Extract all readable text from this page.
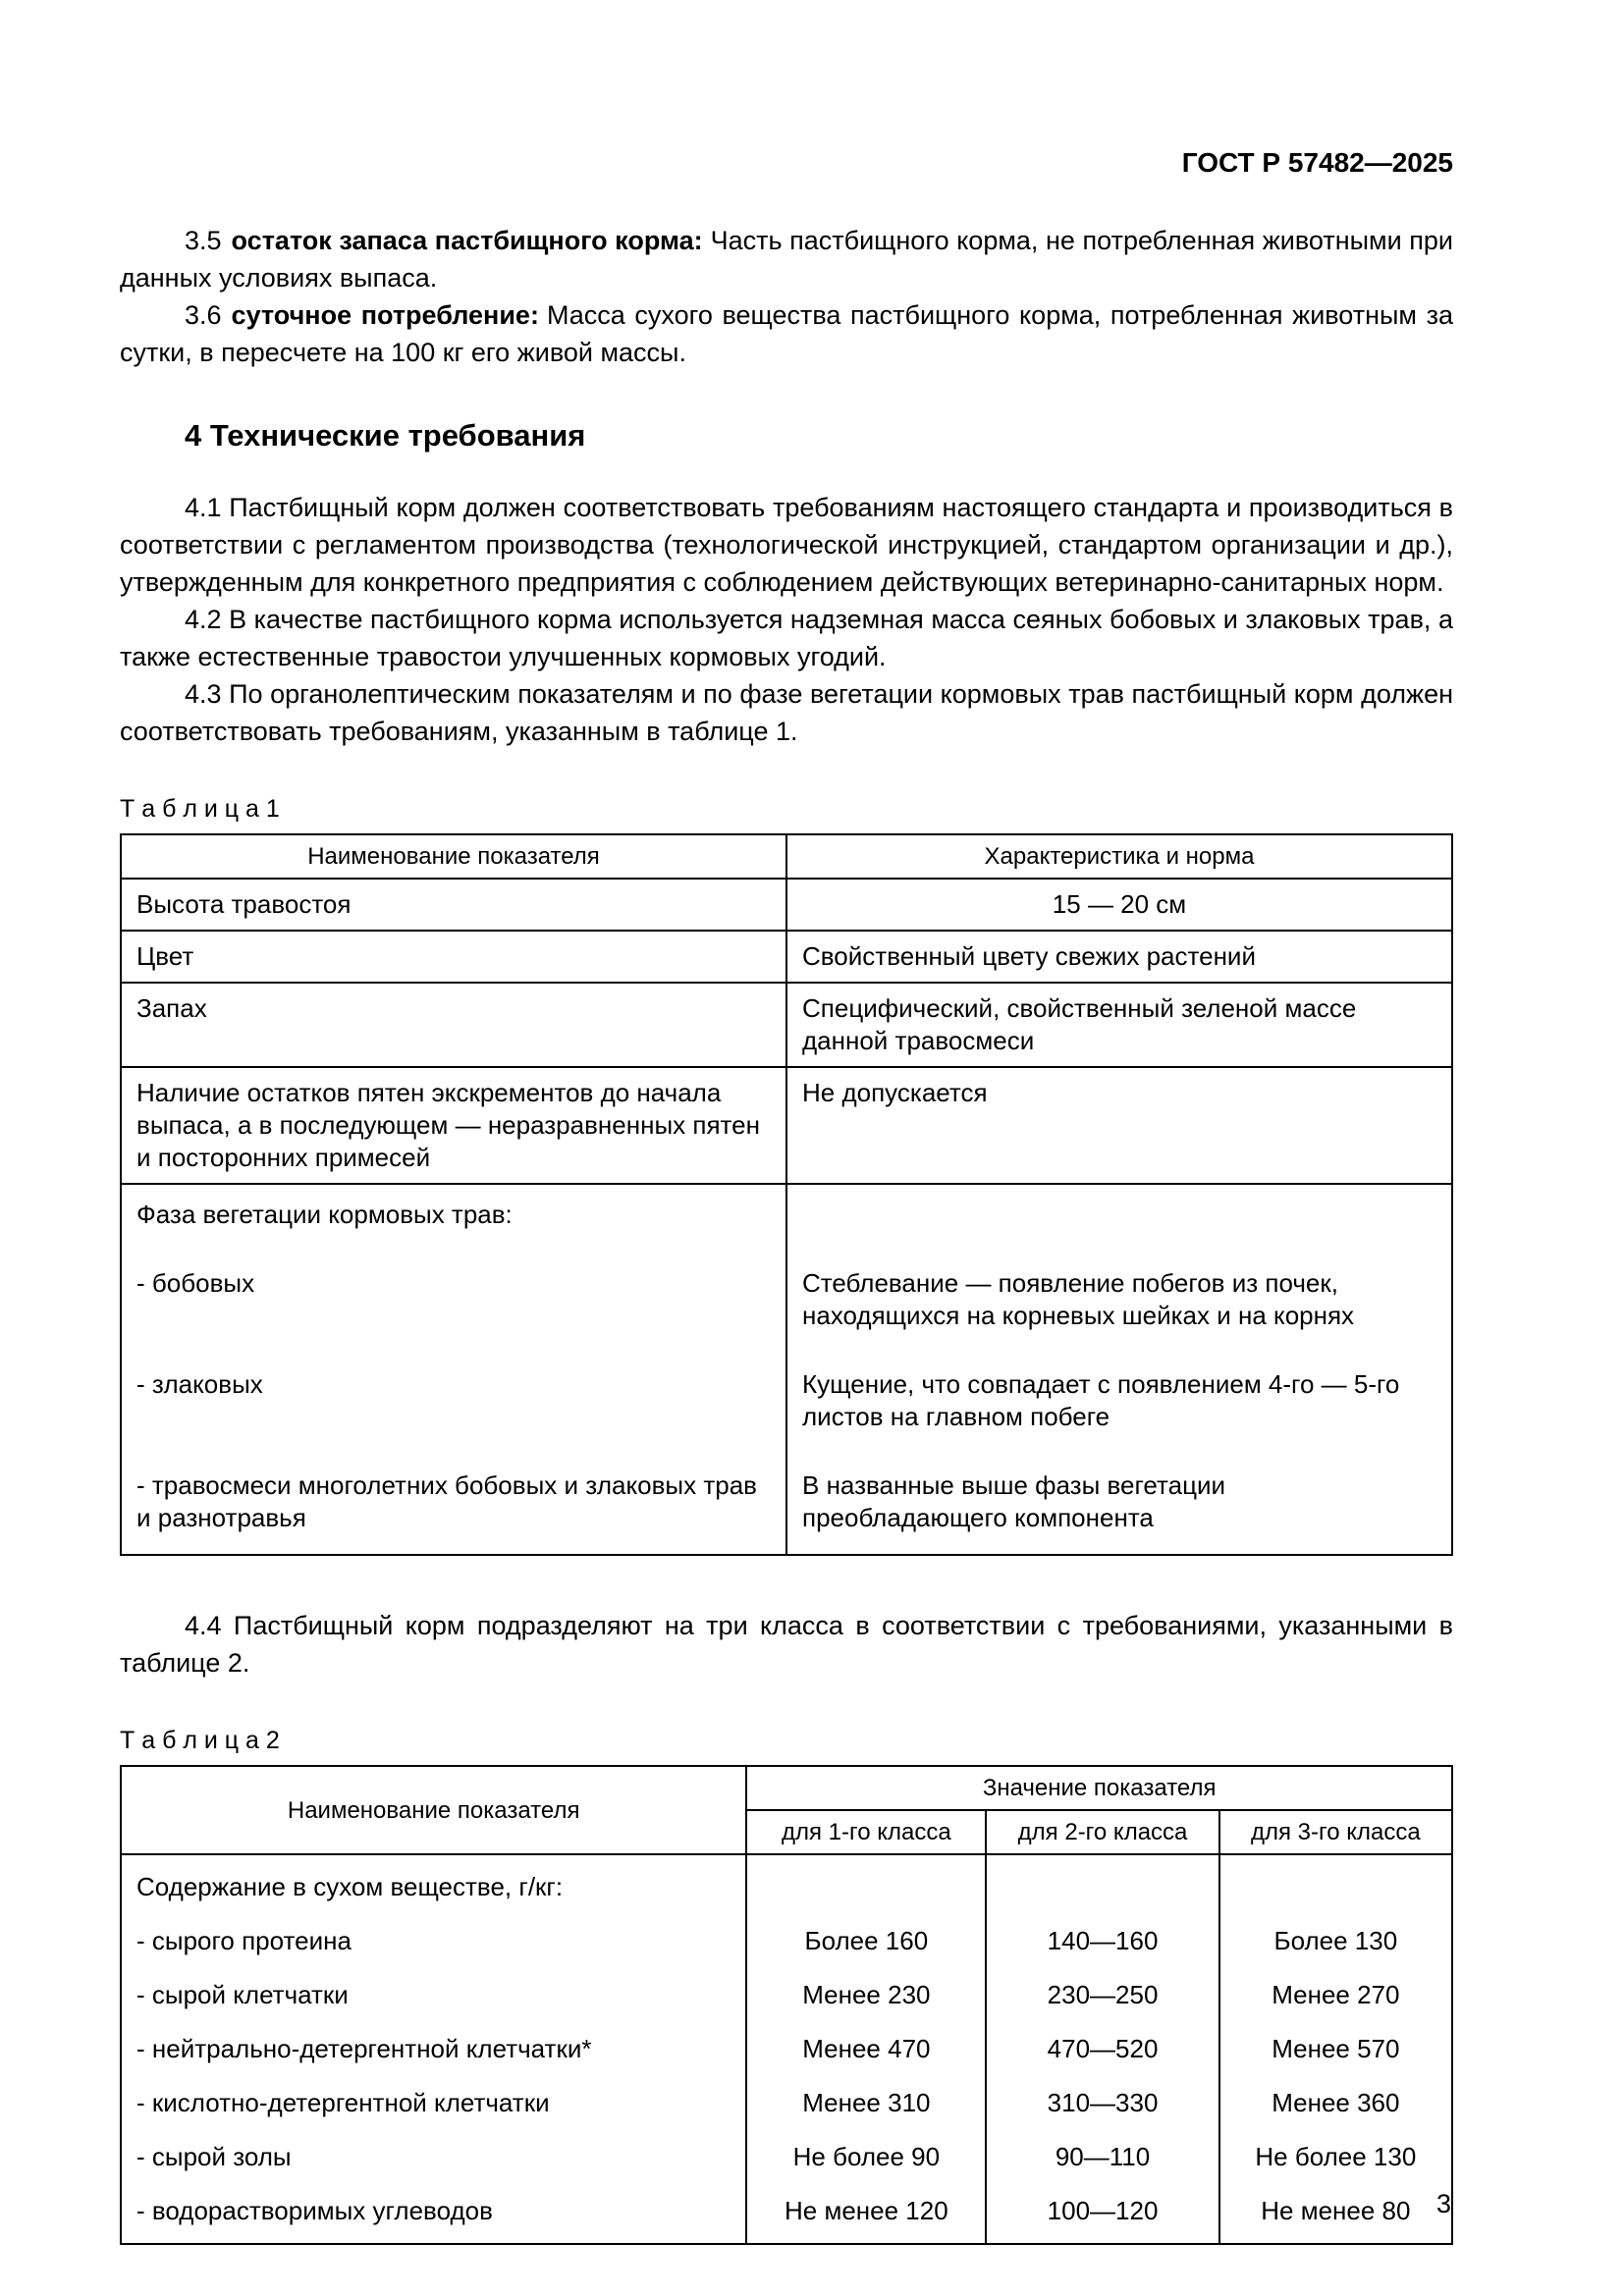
ГОСТ Р 57482—2025

3.5 остаток запаса пастбищного корма: Часть пастбищного корма, не потребленная животными при данных условиях выпаса.

3.6 суточное потребление: Масса сухого вещества пастбищного корма, потребленная животным за сутки, в пересчете на 100 кг его живой массы.

4 Технические требования

4.1 Пастбищный корм должен соответствовать требованиям настоящего стандарта и производиться в соответствии с регламентом производства (технологической инструкцией, стандартом организации и др.), утвержденным для конкретного предприятия с соблюдением действующих ветеринарно-санитарных норм.

4.2 В качестве пастбищного корма используется надземная масса сеяных бобовых и злаковых трав, а также естественные травостои улучшенных кормовых угодий.

4.3 По органолептическим показателям и по фазе вегетации кормовых трав пастбищный корм должен соответствовать требованиям, указанным в таблице 1.

Т а б л и ц а 1

Наименование показателя	Характеристика и норма
Высота травостоя	15 — 20 см
Цвет	Свойственный цвету свежих растений
Запах	Специфический, свойственный зеленой массе данной травосмеси
Наличие остатков пятен экскрементов до начала выпаса, а в последующем — неразравненных пятен и посторонних примесей	Не допускается
Фаза вегетации кормовых трав:	
- бобовых	Стеблевание — появление побегов из почек, находящихся на корневых шейках и на корнях
- злаковых	Кущение, что совпадает с появлением 4-го — 5-го листов на главном побеге
- травосмеси многолетних бобовых и злаковых трав и разнотравья	В названные выше фазы вегетации преобладающего компонента

4.4 Пастбищный корм подразделяют на три класса в соответствии с требованиями, указанными в таблице 2.

Т а б л и ц а 2

Наименование показателя	Значение показателя		
	для 1-го класса	для 2-го класса	для 3-го класса
Содержание в сухом веществе, г/кг:			
- сырого протеина	Более 160	140—160	Более 130
- сырой клетчатки	Менее 230	230—250	Менее 270
- нейтрально-детергентной клетчатки*	Менее 470	470—520	Менее 570
- кислотно-детергентной клетчатки	Менее 310	310—330	Менее 360
- сырой золы	Не более 90	90—110	Не более 130
- водорастворимых углеводов	Не менее 120	100—120	Не менее 80 3
